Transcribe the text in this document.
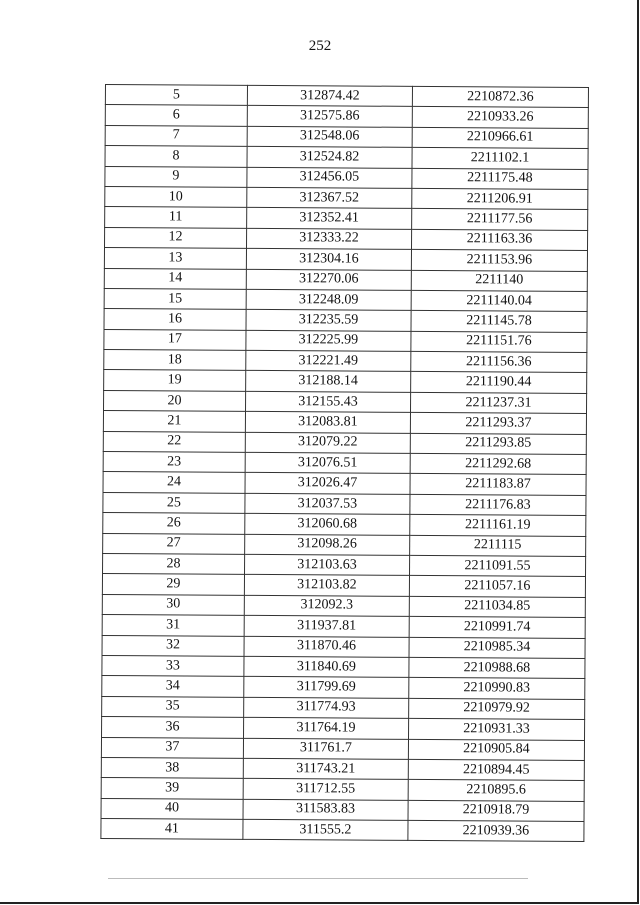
252
5	312874.42	2210872.36
6	312575.86	2210933.26
7	312548.06	2210966.61
8	312524.82	2211102.1
9	312456.05	2211175.48
10	312367.52	2211206.91
11	312352.41	2211177.56
12	312333.22	2211163.36
13	312304.16	2211153.96
14	312270.06	2211140
15	312248.09	2211140.04
16	312235.59	2211145.78
17	312225.99	2211151.76
18	312221.49	2211156.36
19	312188.14	2211190.44
20	312155.43	2211237.31
21	312083.81	2211293.37
22	312079.22	2211293.85
23	312076.51	2211292.68
24	312026.47	2211183.87
25	312037.53	2211176.83
26	312060.68	2211161.19
27	312098.26	2211115
28	312103.63	2211091.55
29	312103.82	2211057.16
30	312092.3	2211034.85
31	311937.81	2210991.74
32	311870.46	2210985.34
33	311840.69	2210988.68
34	311799.69	2210990.83
35	311774.93	2210979.92
36	311764.19	2210931.33
37	311761.7	2210905.84
38	311743.21	2210894.45
39	311712.55	2210895.6
40	311583.83	2210918.79
41	311555.2	2210939.36
